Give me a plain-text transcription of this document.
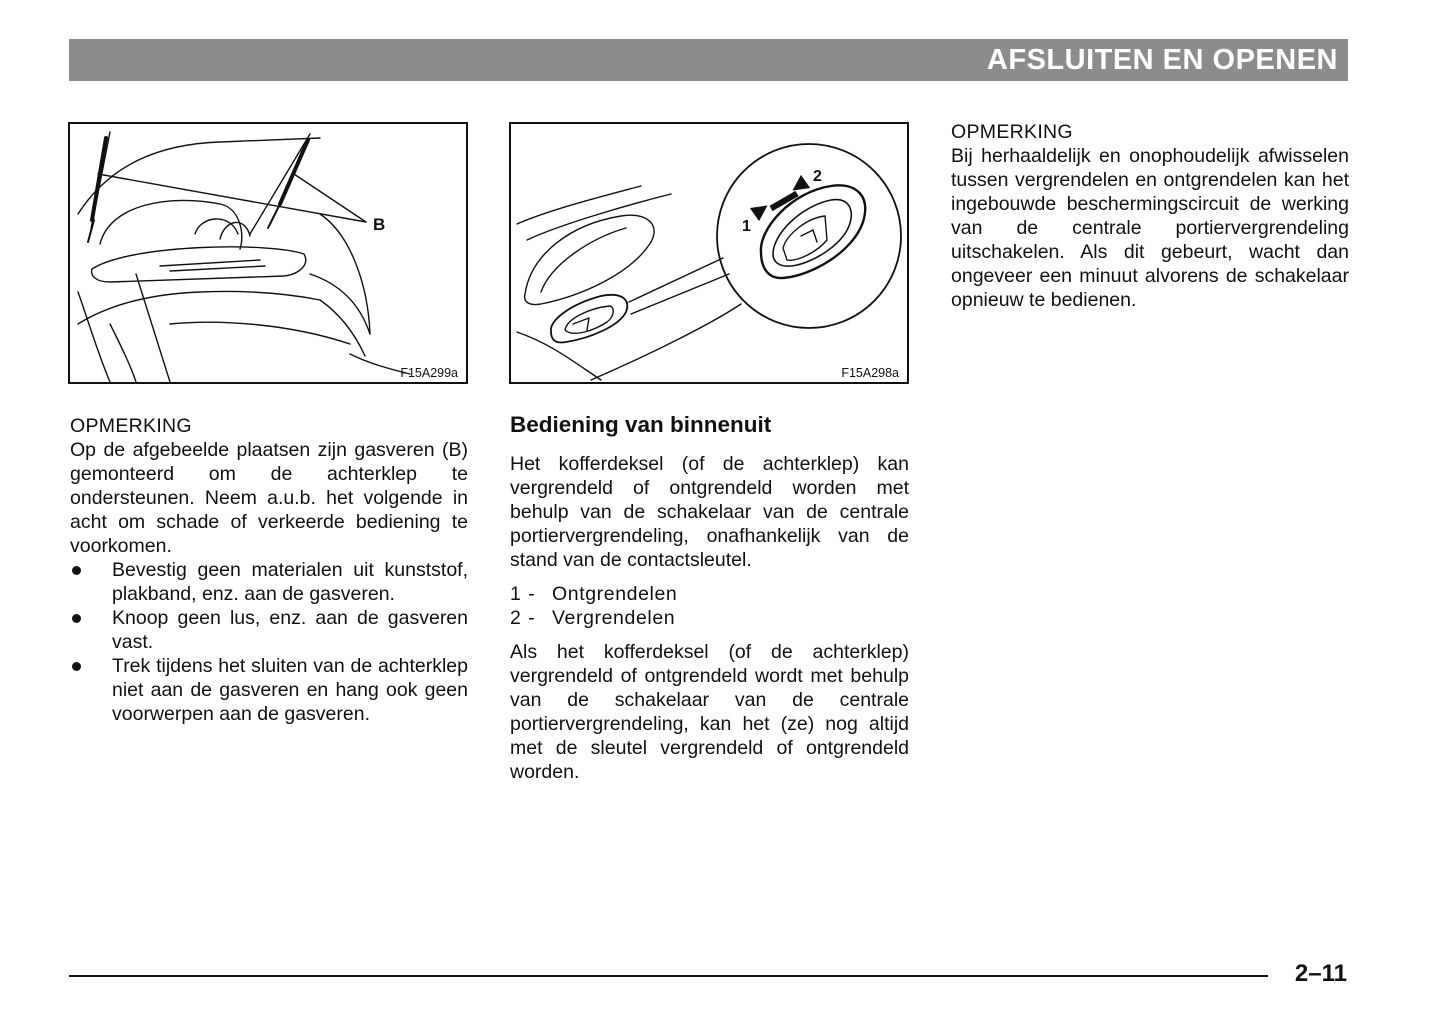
AFSLUITEN EN OPENEN
B
F15A299a
2
1
F15A298a
OPMERKING
Op de afgebeelde plaatsen zijn gasveren (B) gemonteerd om de achterklep te ondersteunen. Neem a.u.b. het volgende in acht om schade of verkeerde bediening te voorkomen.
Bevestig geen materialen uit kunststof, plakband, enz. aan de gasveren.
Knoop geen lus, enz. aan de gasveren vast.
Trek tijdens het sluiten van de achterklep niet aan de gasveren en hang ook geen voorwerpen aan de gasveren.
Bediening van binnenuit
Het kofferdeksel (of de achterklep) kan vergrendeld of ontgrendeld worden met behulp van de schakelaar van de centrale portiervergrendeling, onafhankelijk van de stand van de contactsleutel.
1 - Ontgrendelen
2 - Vergrendelen
Als het kofferdeksel (of de achterklep) vergrendeld of ontgrendeld wordt met behulp van de schakelaar van de centrale portiervergrendeling, kan het (ze) nog altijd met de sleutel vergrendeld of ontgrendeld worden.
OPMERKING
Bij herhaaldelijk en onophoudelijk afwisselen tussen vergrendelen en ontgrendelen kan het ingebouwde beschermingscircuit de werking van de centrale portiervergrendeling uitschakelen. Als dit gebeurt, wacht dan ongeveer een minuut alvorens de schakelaar opnieuw te bedienen.
2–11
